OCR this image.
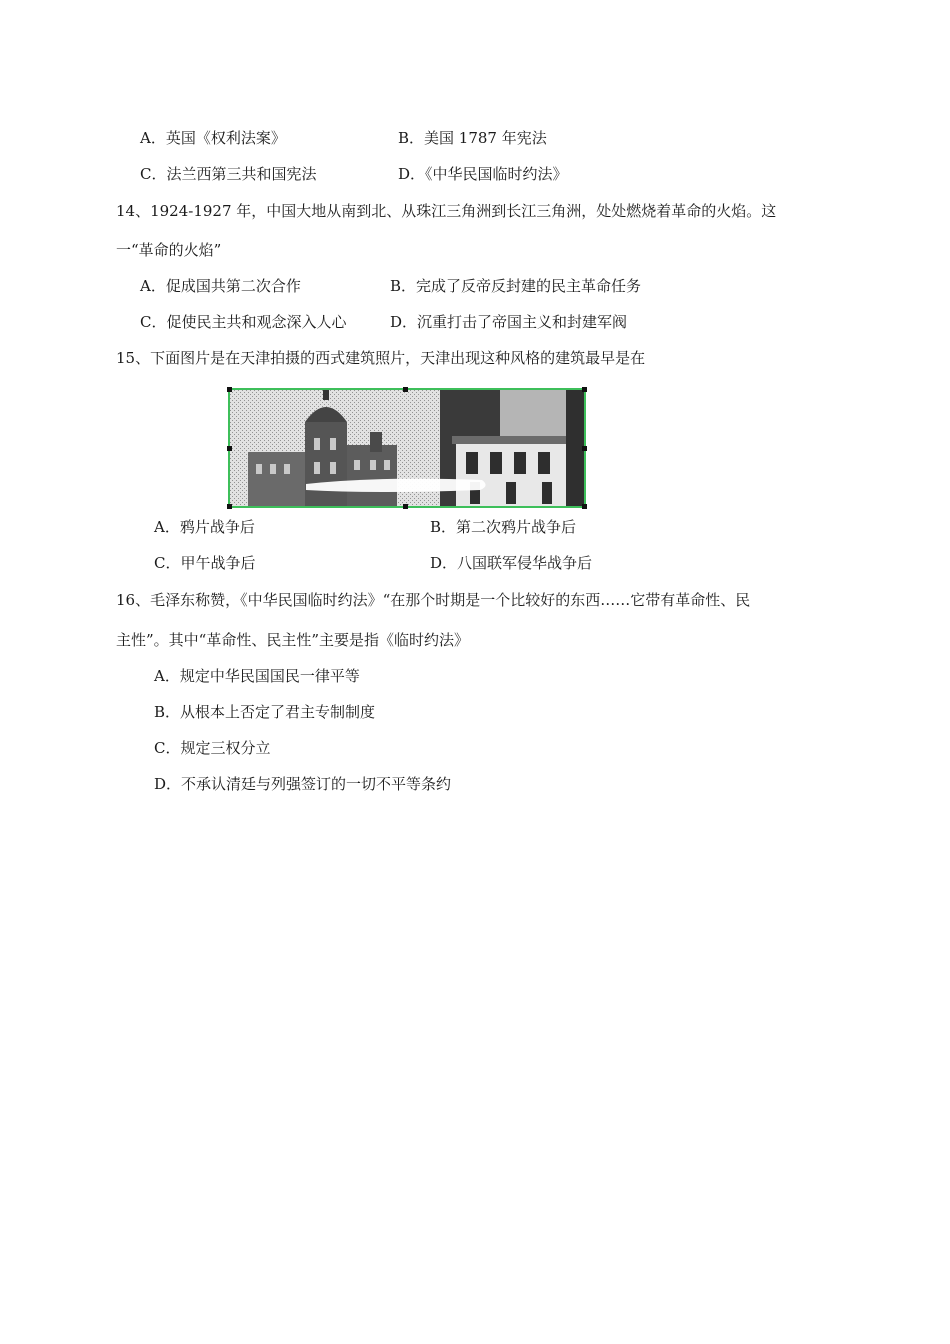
A．英国《权利法案》	B．美国 1787 年宪法
C．法兰西第三共和国宪法	D．《中华民国临时约法》
14、1924-1927 年，中国大地从南到北、从珠江三角洲到长江三角洲，处处燃烧着革命的火焰。这
一“革命的火焰”
A．促成国共第二次合作	B．完成了反帝反封建的民主革命任务
C．促使民主共和观念深入人心	D．沉重打击了帝国主义和封建军阀
15、下面图片是在天津拍摄的西式建筑照片，天津出现这种风格的建筑最早是在
A．鸦片战争后	B．第二次鸦片战争后
C．甲午战争后	D．八国联军侵华战争后
16、毛泽东称赞，《中华民国临时约法》“在那个时期是一个比较好的东西……它带有革命性、民
主性”。其中“革命性、民主性”主要是指《临时约法》
A．规定中华民国国民一律平等
B．从根本上否定了君主专制制度
C．规定三权分立
D．不承认清廷与列强签订的一切不平等条约
